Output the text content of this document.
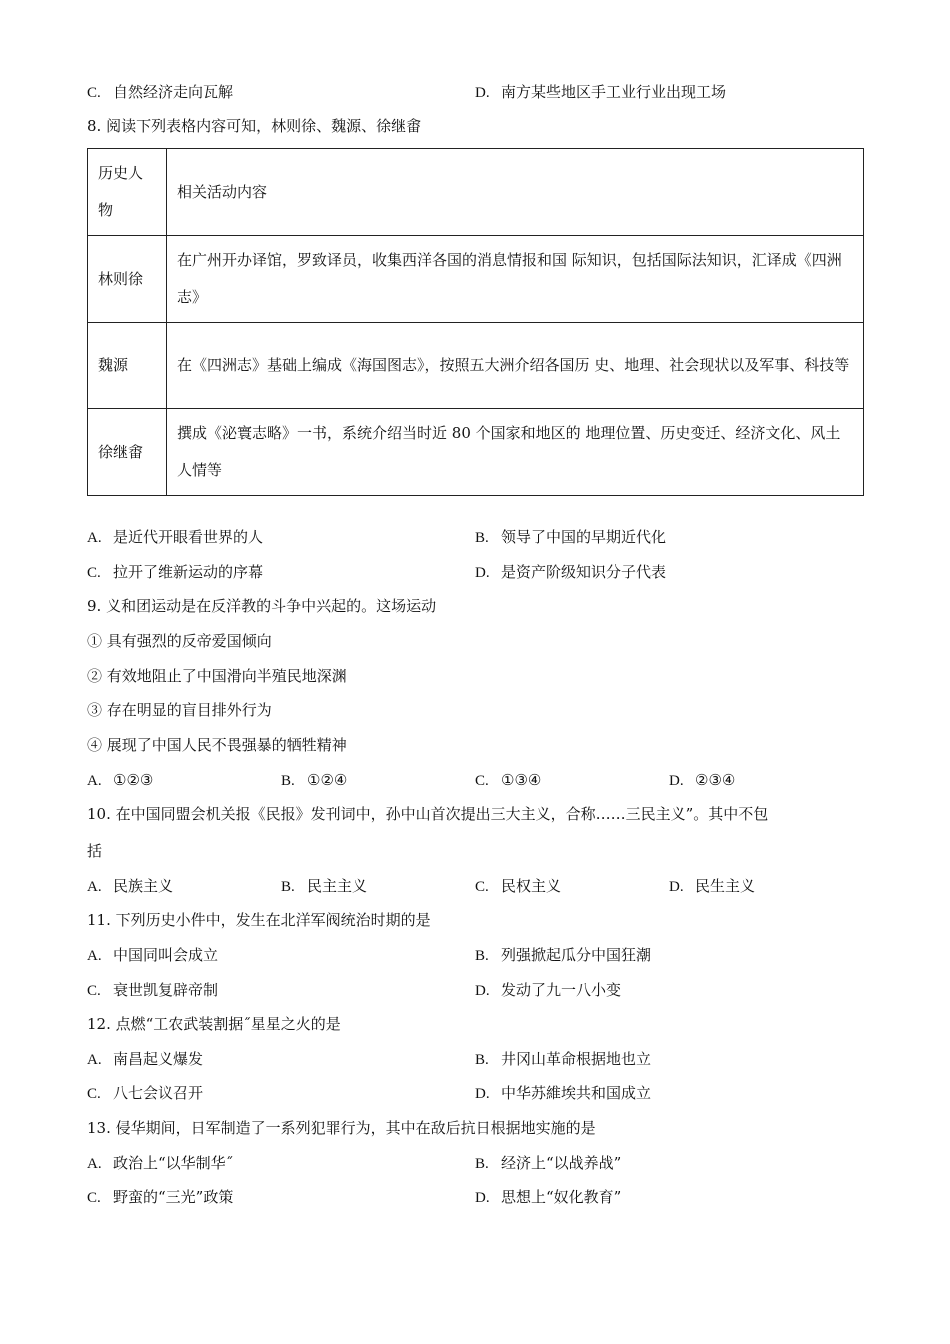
C. 自然经济走向瓦解	D. 南方某些地区手工业行业出现工场
8. 阅读下列表格内容可知，林则徐、魏源、徐继畬
历史人物	相关活动内容
林则徐	在广州开办译馆，罗致译员，收集西洋各国的消息情报和国 际知识，包括国际法知识，汇译成《四洲志》
魏源	在《四洲志》基础上编成《海国图志》，按照五大洲介绍各国历 史、地理、社会现状以及军事、科技等
徐继畬	撰成《泌寰志略》一书，系统介绍当时近 80 个国家和地区的 地理位置、历史变迁、经济文化、风土人情等
A. 是近代开眼看世界的人	B. 领导了中国的早期近代化
C. 拉开了维新运动的序幕	D. 是资产阶级知识分子代表
9. 义和团运动是在反洋教的斗争中兴起的。这场运动
① 具有强烈的反帝爱国倾向
② 有效地阻止了中国滑向半殖民地深渊
③ 存在明显的盲目排外行为
④ 展现了中国人民不畏强暴的牺牲精神
A. ①②③	B. ①②④	C. ①③④	D. ②③④
10. 在中国同盟会机关报《民报》发刊词中，孙中山首次提出三大主义，合称……三民主义”。其中不包
括
A. 民族主义	B. 民主主义	C. 民权主义	D. 民生主义
11. 下列历史小件中，发生在北洋军阀统治时期的是
A. 中国同叫会成立	B. 列强掀起瓜分中国狂潮
C. 衰世凯复辟帝制	D. 发动了九一八小变
12. 点燃“工农武装割据˝星星之火的是
A. 南昌起义爆发	B. 井冈山革命根据地也立
C. 八七会议召开	D. 中华苏維埃共和国成立
13. 侵华期间，日军制造了一系列犯罪行为，其中在敌后抗日根据地实施的是
A. 政治上“以华制华˝	B. 经济上“以战养战”
C. 野蛮的“三光”政策	D. 思想上“奴化教育”
